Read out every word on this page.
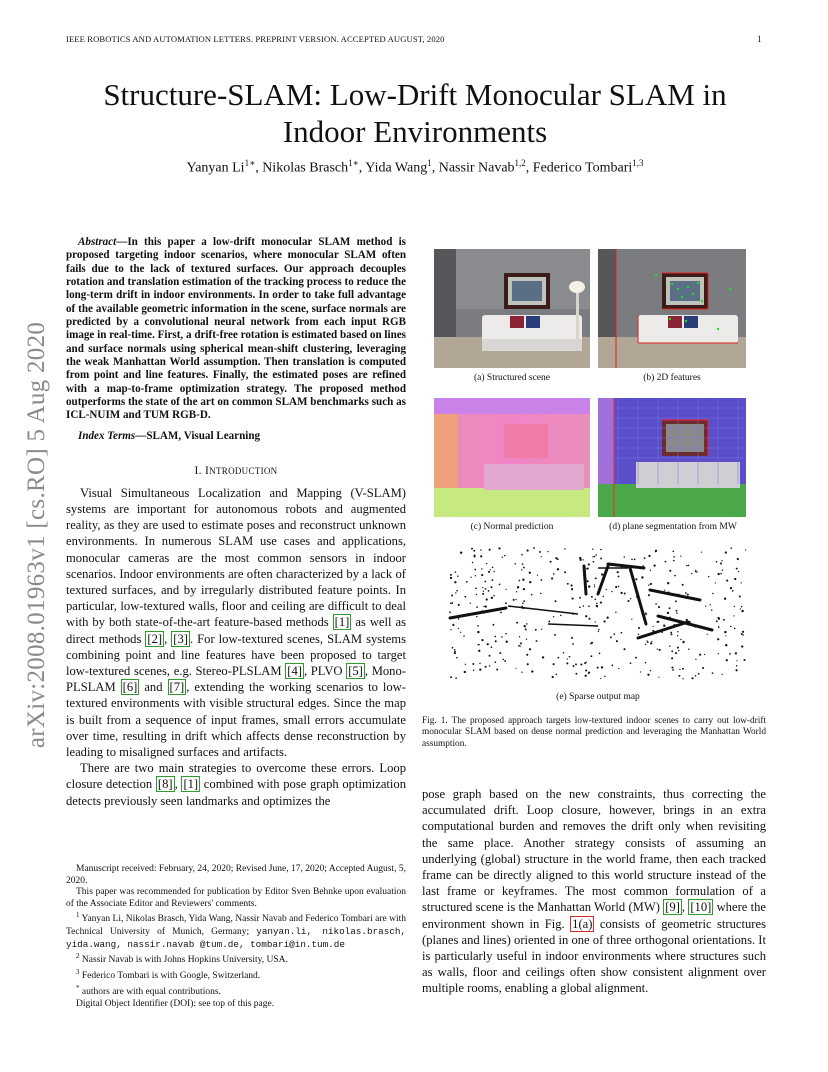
IEEE ROBOTICS AND AUTOMATION LETTERS. PREPRINT VERSION. ACCEPTED AUGUST, 2020	1
arXiv:2008.01963v1 [cs.RO] 5 Aug 2020
Structure-SLAM: Low-Drift Monocular SLAM in Indoor Environments
Yanyan $Li^{1∗}$, Nikolas Brasch$^{1∗}$, Yida Wang$^1$, Nassir Navab$^{1,2}$, Federico Tombari$^{1,3}$

Abstract—In this paper a low-drift monocular SLAM method is proposed targeting indoor scenarios, where monocular SLAM often fails due to the lack of textured surfaces. Our approach decouples rotation and translation estimation of the tracking process to reduce the long-term drift in indoor environments. In order to take full advantage of the available geometric information in the scene, surface normals are predicted by a convolutional neural network from each input RGB image in real-time. First, a drift-free rotation is estimated based on lines and surface normals using spherical mean-shift clustering, leveraging the weak Manhattan World assumption. Then translation is computed from point and line features. Finally, the estimated poses are refined with a map-to-frame optimization strategy. The proposed method outperforms the state of the art on common SLAM benchmarks such as ICL-NUIM and TUM RGB-D.

Index Terms—SLAM, Visual Learning

I. INTRODUCTION

Visual Simultaneous Localization and Mapping (V-SLAM) systems are important for autonomous robots and augmented reality, as they are used to estimate poses and reconstruct unknown environments. In numerous SLAM use cases and applications, monocular cameras are the most common sensors in indoor scenarios. Indoor environments are often characterized by a lack of textured surfaces, and by irregularly distributed feature points. In particular, low-textured walls, floor and ceiling are difficult to deal with by both state-of-the-art feature-based methods [1] as well as direct methods [2] , [3] . For low-textured scenes, SLAM systems combining point and line features have been proposed to target low-textured scenes, e.g. Stereo-PLSLAM [4] , PLVO [5] , Mono-PLSLAM [6] and [7] , extending the working scenarios to low-textured environments with visible structural edges. Since the map is built from a sequence of input frames, small errors accumulate over time, resulting in drift which affects dense reconstruction by leading to misaligned surfaces and artifacts.

There are two main strategies to overcome these errors. Loop closure detection [8] , [1] combined with pose graph optimization detects previously seen landmarks and optimizes the

Manuscript received: February, 24, 2020; Revised June, 17, 2020; Accepted August, 5, 2020.

This paper was recommended for publication by Editor Sven Behnke upon evaluation of the Associate Editor and Reviewers' comments.

$^1$ Yanyan Li, Nikolas Brasch, Yida Wang, Nassir Navab and Federico Tombari are with Technical University of Munich, Germany; yanyan.li, nikolas.brasch, yida.wang, nassir.navab @tum.de, tombari@in.tum.de

$^2$ Nassir Navab is with Johns Hopkins University, USA.

$^3$ Federico Tombari is with Google, Switzerland.

* authors are with equal contributions.

Digital Object Identifier (DOI): see top of this page.

(a) Structured scene	(b) 2D features
(c) Normal prediction	(d) plane segmentation from MW
(e) Sparse output map
Fig. 1. The proposed approach targets low-textured indoor scenes to carry out low-drift monocular SLAM based on dense normal prediction and leveraging the Manhattan World assumption.
pose graph based on the new constraints, thus correcting the accumulated drift. Loop closure, however, brings in an extra computational burden and removes the drift only when revisiting the same place. Another strategy consists of assuming an underlying (global) structure in the world frame, then each tracked frame can be directly aligned to this world structure instead of the last frame or keyframes. The most common formulation of a structured scene is the Manhattan World (MW) [9] , [10] where the environment shown in Fig. 1(a) consists of geometric structures (planes and lines) oriented in one of three orthogonal orientations. It is particularly useful in indoor environments where structures such as walls, floor and ceilings often show consistent alignment over multiple rooms, enabling a global alignment.
